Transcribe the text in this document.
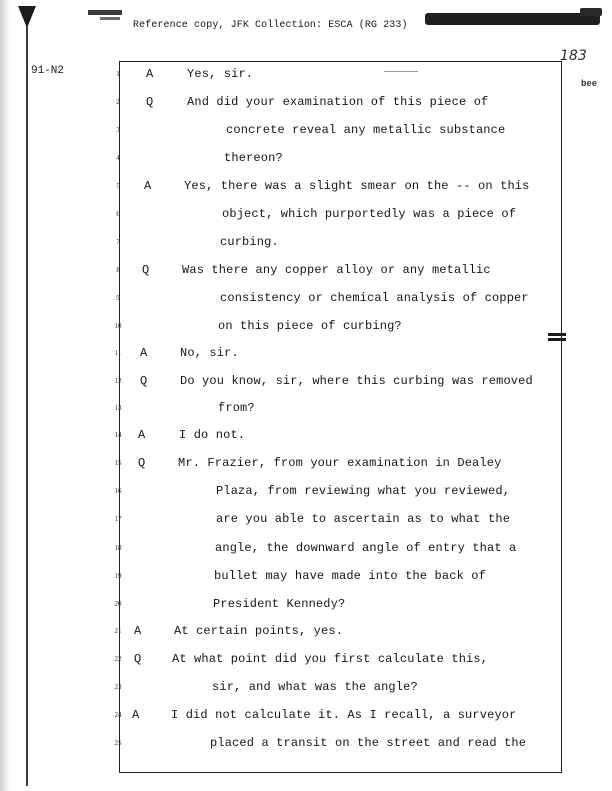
Reference copy, JFK Collection: ESCA (RG 233)
91-N2
183
bee
1	A	Yes, sir.
2	Q	And did your examination of this piece of
3	concrete reveal any metallic substance
4	thereon?
5	A	Yes, there was a slight smear on the -- on this
6	object, which purportedly was a piece of
7	curbing.
8	Q	Was there any copper alloy or any metallic
9	consistency or chemical analysis of copper
10	on this piece of curbing?
11	A	No, sir.
12	Q	Do you know, sir, where this curbing was removed
13	from?
14	A	I do not.
15	Q	Mr. Frazier, from your examination in Dealey
16	Plaza, from reviewing what you reviewed,
17	are you able to ascertain as to what the
18	angle, the downward angle of entry that a
19	bullet may have made into the back of
20	President Kennedy?
21	A	At certain points, yes.
22	Q	At what point did you first calculate this,
23	sir, and what was the angle?
24 A	I did not calculate it. As I recall, a surveyor
25	placed a transit on the street and read the
